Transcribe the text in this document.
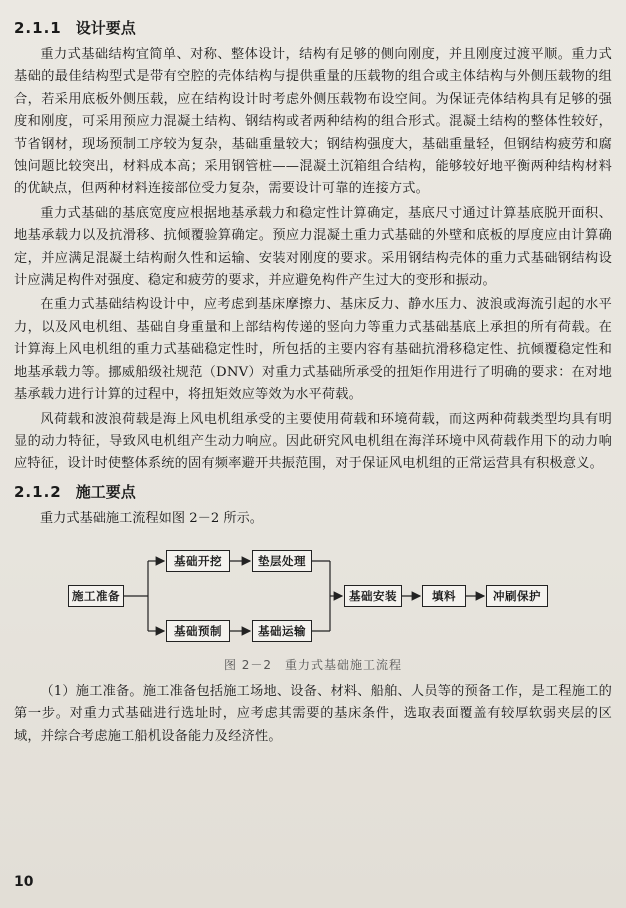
2.1.1 设计要点

重力式基础结构宜简单、对称、整体设计，结构有足够的侧向刚度，并且刚度过渡平顺。重力式基础的最佳结构型式是带有空腔的壳体结构与提供重量的压载物的组合或主体结构与外侧压载物的组合，若采用底板外侧压载，应在结构设计时考虑外侧压载物布设空间。为保证壳体结构具有足够的强度和刚度，可采用预应力混凝土结构、钢结构或者两种结构的组合形式。混凝土结构的整体性较好，节省钢材，现场预制工序较为复杂，基础重量较大；钢结构强度大，基础重量轻，但钢结构疲劳和腐蚀问题比较突出，材料成本高；采用钢管桩——混凝土沉箱组合结构，能够较好地平衡两种结构材料的优缺点，但两种材料连接部位受力复杂，需要设计可靠的连接方式。

重力式基础的基底宽度应根据地基承载力和稳定性计算确定，基底尺寸通过计算基底脱开面积、地基承载力以及抗滑移、抗倾覆验算确定。预应力混凝土重力式基础的外壁和底板的厚度应由计算确定，并应满足混凝土结构耐久性和运输、安装对刚度的要求。采用钢结构壳体的重力式基础钢结构设计应满足构件对强度、稳定和疲劳的要求，并应避免构件产生过大的变形和振动。

在重力式基础结构设计中，应考虑到基床摩擦力、基床反力、静水压力、波浪或海流引起的水平力，以及风电机组、基础自身重量和上部结构传递的竖向力等重力式基础基底上承担的所有荷载。在计算海上风电机组的重力式基础稳定性时，所包括的主要内容有基础抗滑移稳定性、抗倾覆稳定性和地基承载力等。挪威船级社规范（DNV）对重力式基础所承受的扭矩作用进行了明确的要求：在对地基承载力进行计算的过程中，将扭矩效应等效为水平荷载。

风荷载和波浪荷载是海上风电机组承受的主要使用荷载和环境荷载，而这两种荷载类型均具有明显的动力特征，导致风电机组产生动力响应。因此研究风电机组在海洋环境中风荷载作用下的动力响应特征，设计时使整体系统的固有频率避开共振范围，对于保证风电机组的正常运营具有积极意义。

2.1.2 施工要点

重力式基础施工流程如图 2－2 所示。

施工准备
基础开挖	垫层处理
基础预制	基础运输
基础安装	填料	冲刷保护
图 2－2　重力式基础施工流程

（1）施工准备。施工准备包括施工场地、设备、材料、船舶、人员等的预备工作，是工程施工的第一步。对重力式基础进行选址时，应考虑其需要的基床条件，选取表面覆盖有较厚软弱夹层的区域，并综合考虑施工船机设备能力及经济性。

10
